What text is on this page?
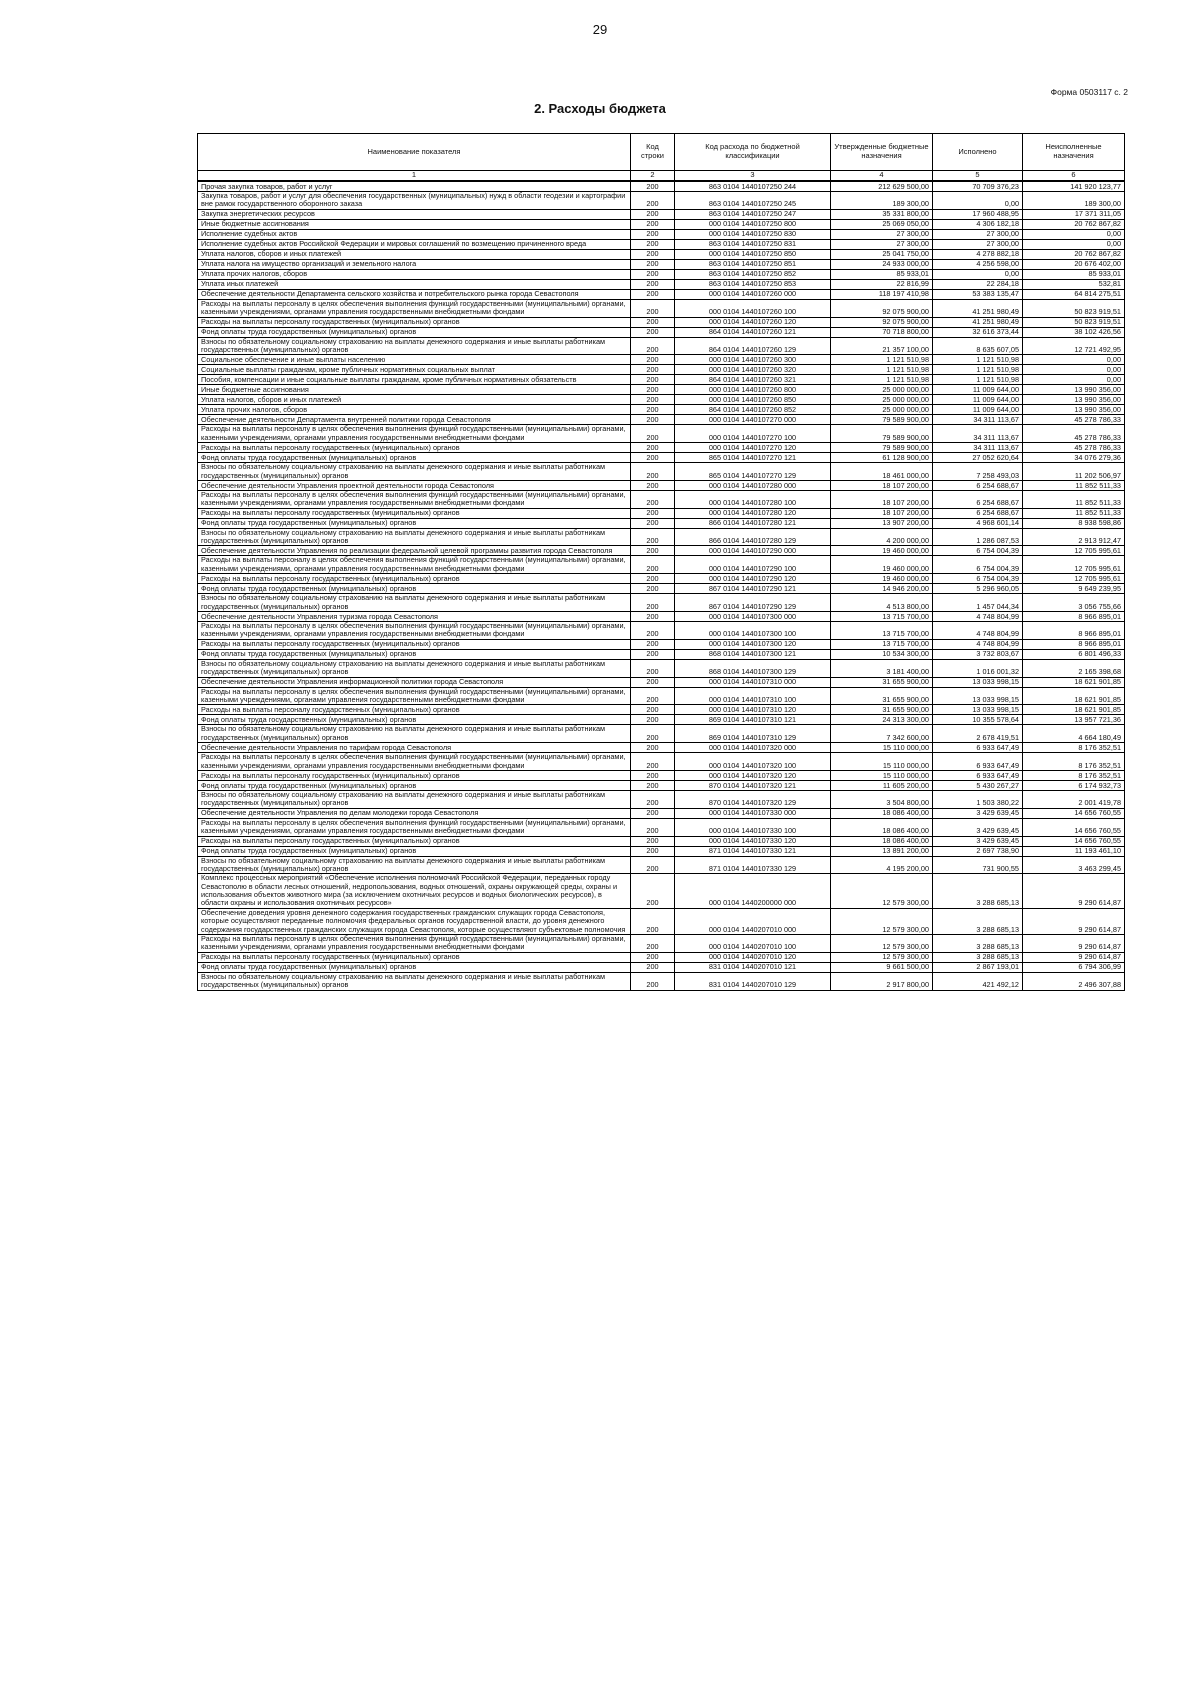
29
Форма 0503117 с. 2
2. Расходы бюджета
Наименование показателя	Код строки	Код расхода по бюджетной классификации	Утвержденные бюджетные назначения	Исполнено	Неисполненные назначения
1	2	3	4	5	6
Прочая закупка товаров, работ и услуг	200	863 0104 1440107250 244	212 629 500,00	70 709 376,23	141 920 123,77
Закупка товаров, работ и услуг для обеспечения государственных (муниципальных) нужд в области геодезии и картографии вне рамок государственного оборонного заказа	200	863 0104 1440107250 245	189 300,00	0,00	189 300,00
Закупка энергетических ресурсов	200	863 0104 1440107250 247	35 331 800,00	17 960 488,95	17 371 311,05
Иные бюджетные ассигнования	200	000 0104 1440107250 800	25 069 050,00	4 306 182,18	20 762 867,82
Исполнение судебных актов	200	000 0104 1440107250 830	27 300,00	27 300,00	0,00
Исполнение судебных актов Российской Федерации и мировых соглашений по возмещению причиненного вреда	200	863 0104 1440107250 831	27 300,00	27 300,00	0,00
Уплата налогов, сборов и иных платежей	200	000 0104 1440107250 850	25 041 750,00	4 278 882,18	20 762 867,82
Уплата налога на имущество организаций и земельного налога	200	863 0104 1440107250 851	24 933 000,00	4 256 598,00	20 676 402,00
Уплата прочих налогов, сборов	200	863 0104 1440107250 852	85 933,01	0,00	85 933,01
Уплата иных платежей	200	863 0104 1440107250 853	22 816,99	22 284,18	532,81
Обеспечение деятельности Департамента сельского хозяйства и потребительского рынка города Севастополя	200	000 0104 1440107260 000	118 197 410,98	53 383 135,47	64 814 275,51
Расходы на выплаты персоналу в целях обеспечения выполнения функций государственными (муниципальными) органами, казенными учреждениями, органами управления государственными внебюджетными фондами	200	000 0104 1440107260 100	92 075 900,00	41 251 980,49	50 823 919,51
Расходы на выплаты персоналу государственных (муниципальных) органов	200	000 0104 1440107260 120	92 075 900,00	41 251 980,49	50 823 919,51
Фонд оплаты труда государственных (муниципальных) органов	200	864 0104 1440107260 121	70 718 800,00	32 616 373,44	38 102 426,56
Взносы по обязательному социальному страхованию на выплаты денежного содержания и иные выплаты работникам государственных (муниципальных) органов	200	864 0104 1440107260 129	21 357 100,00	8 635 607,05	12 721 492,95
Социальное обеспечение и иные выплаты населению	200	000 0104 1440107260 300	1 121 510,98	1 121 510,98	0,00
Социальные выплаты гражданам, кроме публичных нормативных социальных выплат	200	000 0104 1440107260 320	1 121 510,98	1 121 510,98	0,00
Пособия, компенсации и иные социальные выплаты гражданам, кроме публичных нормативных обязательств	200	864 0104 1440107260 321	1 121 510,98	1 121 510,98	0,00
Иные бюджетные ассигнования	200	000 0104 1440107260 800	25 000 000,00	11 009 644,00	13 990 356,00
Уплата налогов, сборов и иных платежей	200	000 0104 1440107260 850	25 000 000,00	11 009 644,00	13 990 356,00
Уплата прочих налогов, сборов	200	864 0104 1440107260 852	25 000 000,00	11 009 644,00	13 990 356,00
Обеспечение деятельности Департамента внутренней политики города Севастополя	200	000 0104 1440107270 000	79 589 900,00	34 311 113,67	45 278 786,33
Расходы на выплаты персоналу в целях обеспечения выполнения функций государственными (муниципальными) органами, казенными учреждениями, органами управления государственными внебюджетными фондами	200	000 0104 1440107270 100	79 589 900,00	34 311 113,67	45 278 786,33
Расходы на выплаты персоналу государственных (муниципальных) органов	200	000 0104 1440107270 120	79 589 900,00	34 311 113,67	45 278 786,33
Фонд оплаты труда государственных (муниципальных) органов	200	865 0104 1440107270 121	61 128 900,00	27 052 620,64	34 076 279,36
Взносы по обязательному социальному страхованию на выплаты денежного содержания и иные выплаты работникам государственных (муниципальных) органов	200	865 0104 1440107270 129	18 461 000,00	7 258 493,03	11 202 506,97
Обеспечение деятельности Управления проектной деятельности города Севастополя	200	000 0104 1440107280 000	18 107 200,00	6 254 688,67	11 852 511,33
Расходы на выплаты персоналу в целях обеспечения выполнения функций государственными (муниципальными) органами, казенными учреждениями, органами управления государственными внебюджетными фондами	200	000 0104 1440107280 100	18 107 200,00	6 254 688,67	11 852 511,33
Расходы на выплаты персоналу государственных (муниципальных) органов	200	000 0104 1440107280 120	18 107 200,00	6 254 688,67	11 852 511,33
Фонд оплаты труда государственных (муниципальных) органов	200	866 0104 1440107280 121	13 907 200,00	4 968 601,14	8 938 598,86
Взносы по обязательному социальному страхованию на выплаты денежного содержания и иные выплаты работникам государственных (муниципальных) органов	200	866 0104 1440107280 129	4 200 000,00	1 286 087,53	2 913 912,47
Обеспечение деятельности Управления по реализации федеральной целевой программы развития города Севастополя	200	000 0104 1440107290 000	19 460 000,00	6 754 004,39	12 705 995,61
Расходы на выплаты персоналу в целях обеспечения выполнения функций государственными (муниципальными) органами, казенными учреждениями, органами управления государственными внебюджетными фондами	200	000 0104 1440107290 100	19 460 000,00	6 754 004,39	12 705 995,61
Расходы на выплаты персоналу государственных (муниципальных) органов	200	000 0104 1440107290 120	19 460 000,00	6 754 004,39	12 705 995,61
Фонд оплаты труда государственных (муниципальных) органов	200	867 0104 1440107290 121	14 946 200,00	5 296 960,05	9 649 239,95
Взносы по обязательному социальному страхованию на выплаты денежного содержания и иные выплаты работникам государственных (муниципальных) органов	200	867 0104 1440107290 129	4 513 800,00	1 457 044,34	3 056 755,66
Обеспечение деятельности Управления туризма города Севастополя	200	000 0104 1440107300 000	13 715 700,00	4 748 804,99	8 966 895,01
Расходы на выплаты персоналу в целях обеспечения выполнения функций государственными (муниципальными) органами, казенными учреждениями, органами управления государственными внебюджетными фондами	200	000 0104 1440107300 100	13 715 700,00	4 748 804,99	8 966 895,01
Расходы на выплаты персоналу государственных (муниципальных) органов	200	000 0104 1440107300 120	13 715 700,00	4 748 804,99	8 966 895,01
Фонд оплаты труда государственных (муниципальных) органов	200	868 0104 1440107300 121	10 534 300,00	3 732 803,67	6 801 496,33
Взносы по обязательному социальному страхованию на выплаты денежного содержания и иные выплаты работникам государственных (муниципальных) органов	200	868 0104 1440107300 129	3 181 400,00	1 016 001,32	2 165 398,68
Обеспечение деятельности Управления информационной политики города Севастополя	200	000 0104 1440107310 000	31 655 900,00	13 033 998,15	18 621 901,85
Расходы на выплаты персоналу в целях обеспечения выполнения функций государственными (муниципальными) органами, казенными учреждениями, органами управления государственными внебюджетными фондами	200	000 0104 1440107310 100	31 655 900,00	13 033 998,15	18 621 901,85
Расходы на выплаты персоналу государственных (муниципальных) органов	200	000 0104 1440107310 120	31 655 900,00	13 033 998,15	18 621 901,85
Фонд оплаты труда государственных (муниципальных) органов	200	869 0104 1440107310 121	24 313 300,00	10 355 578,64	13 957 721,36
Взносы по обязательному социальному страхованию на выплаты денежного содержания и иные выплаты работникам государственных (муниципальных) органов	200	869 0104 1440107310 129	7 342 600,00	2 678 419,51	4 664 180,49
Обеспечение деятельности Управления по тарифам города Севастополя	200	000 0104 1440107320 000	15 110 000,00	6 933 647,49	8 176 352,51
Расходы на выплаты персоналу в целях обеспечения выполнения функций государственными (муниципальными) органами, казенными учреждениями, органами управления государственными внебюджетными фондами	200	000 0104 1440107320 100	15 110 000,00	6 933 647,49	8 176 352,51
Расходы на выплаты персоналу государственных (муниципальных) органов	200	000 0104 1440107320 120	15 110 000,00	6 933 647,49	8 176 352,51
Фонд оплаты труда государственных (муниципальных) органов	200	870 0104 1440107320 121	11 605 200,00	5 430 267,27	6 174 932,73
Взносы по обязательному социальному страхованию на выплаты денежного содержания и иные выплаты работникам государственных (муниципальных) органов	200	870 0104 1440107320 129	3 504 800,00	1 503 380,22	2 001 419,78
Обеспечение деятельности Управления по делам молодежи города Севастополя	200	000 0104 1440107330 000	18 086 400,00	3 429 639,45	14 656 760,55
Расходы на выплаты персоналу в целях обеспечения выполнения функций государственными (муниципальными) органами, казенными учреждениями, органами управления государственными внебюджетными фондами	200	000 0104 1440107330 100	18 086 400,00	3 429 639,45	14 656 760,55
Расходы на выплаты персоналу государственных (муниципальных) органов	200	000 0104 1440107330 120	18 086 400,00	3 429 639,45	14 656 760,55
Фонд оплаты труда государственных (муниципальных) органов	200	871 0104 1440107330 121	13 891 200,00	2 697 738,90	11 193 461,10
Взносы по обязательному социальному страхованию на выплаты денежного содержания и иные выплаты работникам государственных (муниципальных) органов	200	871 0104 1440107330 129	4 195 200,00	731 900,55	3 463 299,45
Комплекс процессных мероприятий «Обеспечение исполнения полномочий Российской Федерации, переданных городу Севастополю в области лесных отношений, недропользования, водных отношений, охраны окружающей среды, охраны и использования объектов животного мира (за исключением охотничьих ресурсов и водных биологических ресурсов), в области охраны и использования охотничьих ресурсов»	200	000 0104 1440200000 000	12 579 300,00	3 288 685,13	9 290 614,87
Обеспечение доведения уровня денежного содержания государственных гражданских служащих города Севастополя, которые осуществляют переданные полномочия федеральных органов государственной власти, до уровня денежного содержания государственных гражданских служащих города Севастополя, которые осуществляют субъектовые полномочия	200	000 0104 1440207010 000	12 579 300,00	3 288 685,13	9 290 614,87
Расходы на выплаты персоналу в целях обеспечения выполнения функций государственными (муниципальными) органами, казенными учреждениями, органами управления государственными внебюджетными фондами	200	000 0104 1440207010 100	12 579 300,00	3 288 685,13	9 290 614,87
Расходы на выплаты персоналу государственных (муниципальных) органов	200	000 0104 1440207010 120	12 579 300,00	3 288 685,13	9 290 614,87
Фонд оплаты труда государственных (муниципальных) органов	200	831 0104 1440207010 121	9 661 500,00	2 867 193,01	6 794 306,99
Взносы по обязательному социальному страхованию на выплаты денежного содержания и иные выплаты работникам государственных (муниципальных) органов	200	831 0104 1440207010 129	2 917 800,00	421 492,12	2 496 307,88
